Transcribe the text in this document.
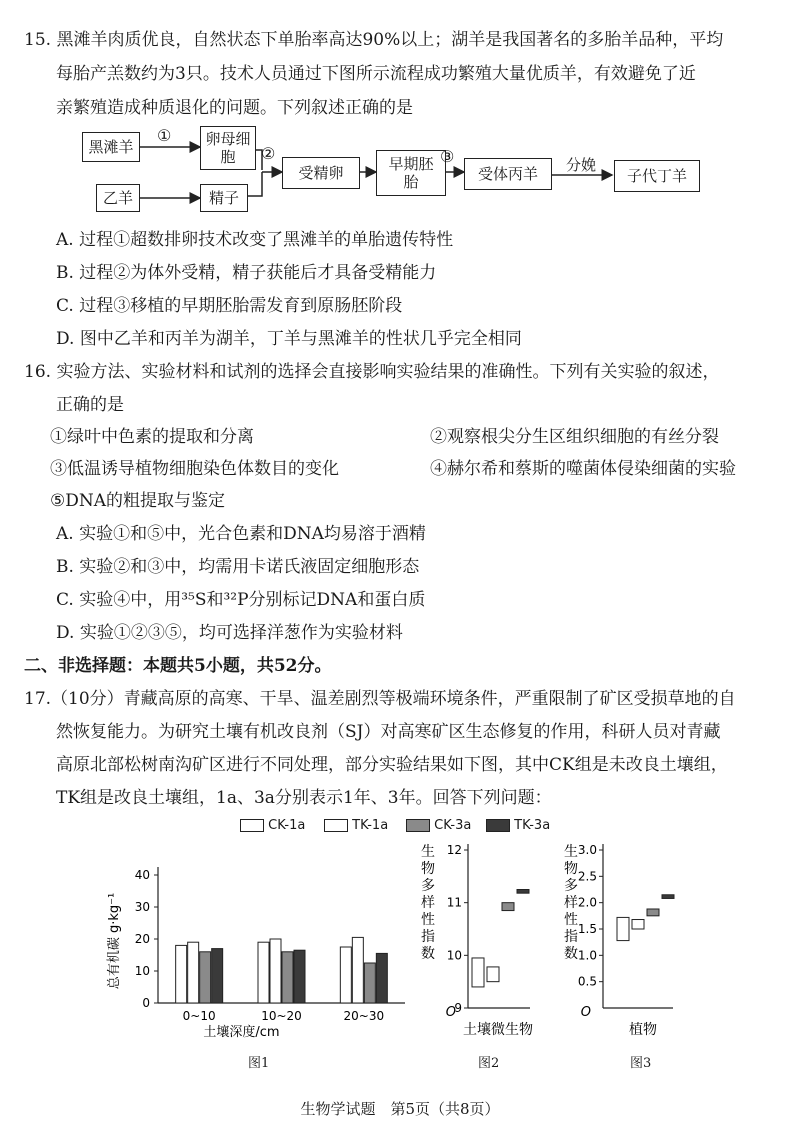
15. 黑滩羊肉质优良，自然状态下单胎率高达90%以上；湖羊是我国著名的多胎羊品种，平均
每胎产羔数约为3只。技术人员通过下图所示流程成功繁殖大量优质羊，有效避免了近
亲繁殖造成种质退化的问题。下列叙述正确的是
黑滩羊
乙羊
卵母细胞
精子
受精卵	早期胚胎	受体丙羊	子代丁羊
①
②	③	分娩
A. 过程①超数排卵技术改变了黑滩羊的单胎遗传特性
B. 过程②为体外受精，精子获能后才具备受精能力
C. 过程③移植的早期胚胎需发育到原肠胚阶段
D. 图中乙羊和丙羊为湖羊，丁羊与黑滩羊的性状几乎完全相同
16. 实验方法、实验材料和试剂的选择会直接影响实验结果的准确性。下列有关实验的叙述，
正确的是
①绿叶中色素的提取和分离	②观察根尖分生区组织细胞的有丝分裂
③低温诱导植物细胞染色体数目的变化	④赫尔希和蔡斯的噬菌体侵染细菌的实验
⑤DNA的粗提取与鉴定
A. 实验①和⑤中，光合色素和DNA均易溶于酒精
B. 实验②和③中，均需用卡诺氏液固定细胞形态
C. 实验④中，用³⁵S和³²P分别标记DNA和蛋白质
D. 实验①②③⑤，均可选择洋葱作为实验材料
二、非选择题：本题共5小题，共52分。
17.（10分）青藏高原的高寒、干旱、温差剧烈等极端环境条件，严重限制了矿区受损草地的自
然恢复能力。为研究土壤有机改良剂（SJ）对高寒矿区生态修复的作用，科研人员对青藏
高原北部松树南沟矿区进行不同处理，部分实验结果如下图，其中CK组是未改良土壤组，
TK组是改良土壤组，1a、3a分别表示1年、3年。回答下列问题：
CK-1a	TK-1a	CK-3a	TK-3a
0
10
20
30
40
总有机碳 g·kg⁻¹
0~10	10~20	20~30
土壤深度/cm
9
10
11
12
O
生物多样性指数
土壤微生物
0.5
1.0
1.5
2.0
2.5
3.0
O
生物多样性指数
植物
图1	图2	图3
生物学试题　第5页（共8页）
